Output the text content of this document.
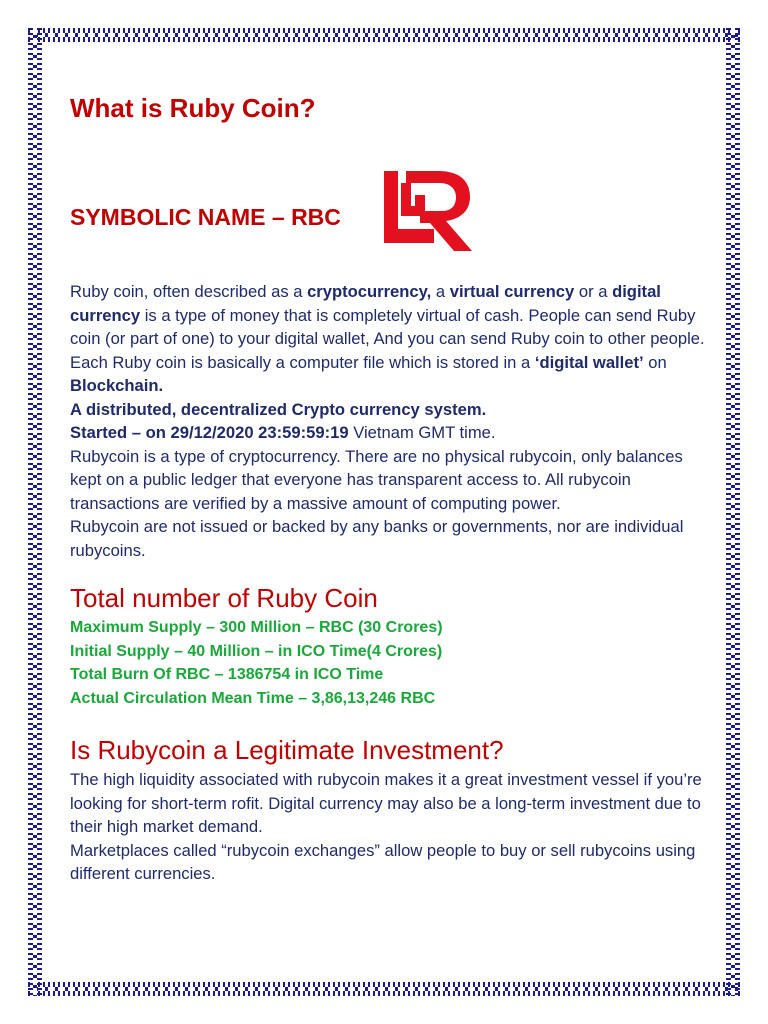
What is Ruby Coin?
SYMBOLIC NAME – RBC

Ruby coin, often described as a cryptocurrency, a virtual currency or a digital currency is a type of money that is completely virtual of cash. People can send Ruby coin (or part of one) to your digital wallet, And you can send Ruby coin to other people. Each Ruby coin is basically a computer file which is stored in a ‘digital wallet’ on Blockchain.

A distributed, decentralized Crypto currency system.

Started – on 29/12/2020 23:59:59:19 Vietnam GMT time.

Rubycoin is a type of cryptocurrency. There are no physical rubycoin, only balances kept on a public ledger that everyone has transparent access to. All rubycoin transactions are verified by a massive amount of computing power.

Rubycoin are not issued or backed by any banks or governments, nor are individual rubycoins.

Total number of Ruby Coin
Maximum Supply – 300 Million – RBC (30 Crores)
Initial Supply – 40 Million – in ICO Time(4 Crores)
Total Burn Of RBC – 1386754 in ICO Time
Actual Circulation Mean Time – 3,86,13,246 RBC
Is Rubycoin a Legitimate Investment?

The high liquidity associated with rubycoin makes it a great investment vessel if you’re looking for short-term rofit. Digital currency may also be a long-term investment due to their high market demand.

Marketplaces called “rubycoin exchanges” allow people to buy or sell rubycoins using different currencies.
